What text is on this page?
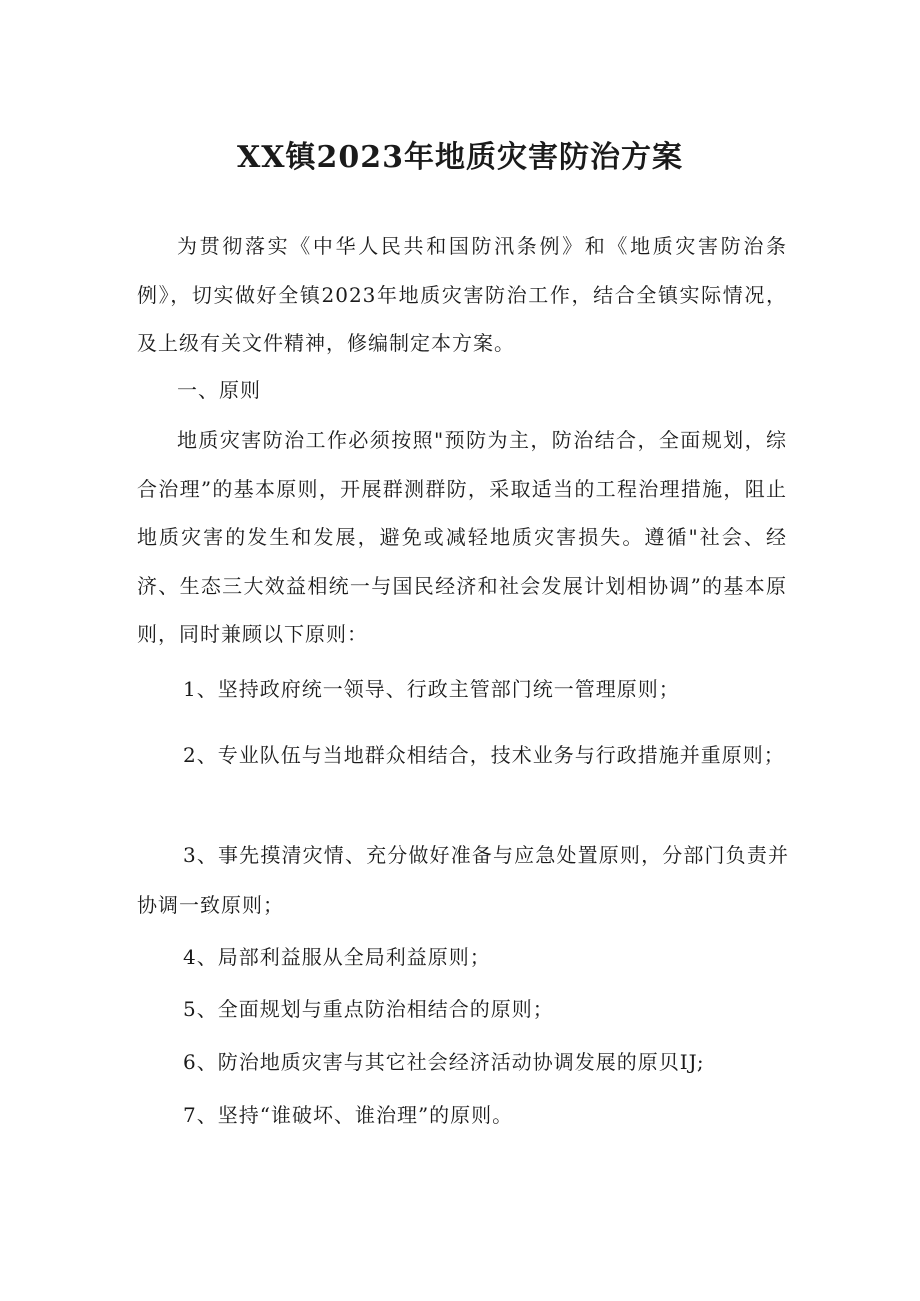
XX镇2023年地质灾害防治方案

为贯彻落实《中华人民共和国防汛条例》和《地质灾害防治条例》，切实做好全镇2023年地质灾害防治工作，结合全镇实际情况，及上级有关文件精神，修编制定本方案。

一、原则

地质灾害防治工作必须按照"预防为主，防治结合，全面规划，综合治理”的基本原则，开展群测群防，采取适当的工程治理措施，阻止地质灾害的发生和发展，避免或减轻地质灾害损失。遵循"社会、经济、生态三大效益相统一与国民经济和社会发展计划相协调”的基本原则，同时兼顾以下原则：

1、坚持政府统一领导、行政主管部门统一管理原则；

2、专业队伍与当地群众相结合，技术业务与行政措施并重原则；

3、事先摸清灾情、充分做好准备与应急处置原则，分部门负责并协调一致原则；

4、局部利益服从全局利益原则；

5、全面规划与重点防治相结合的原则；

6、防治地质灾害与其它社会经济活动协调发展的原贝IJ;

7、坚持“谁破坏、谁治理”的原则。
